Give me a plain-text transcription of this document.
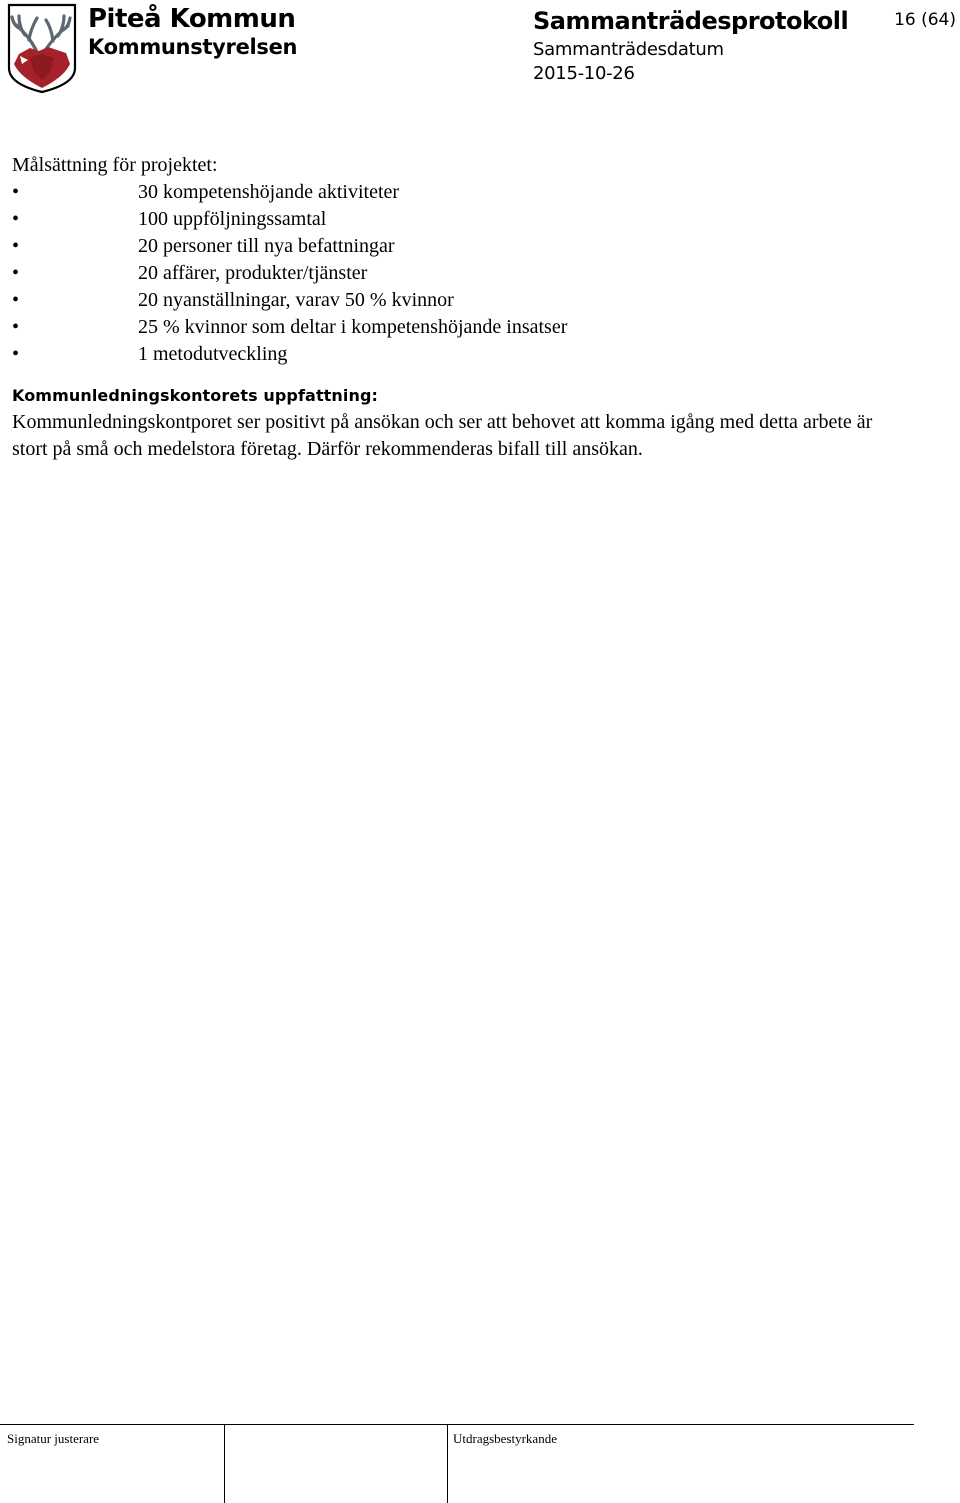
Piteå Kommun
Kommunstyrelsen
Sammanträdesprotokoll
Sammanträdesdatum
2015-10-26
16 (64)

Målsättning för projektet:

•	30 kompetenshöjande aktiviteter
•	100 uppföljningssamtal
•	20 personer till nya befattningar
•	20 affärer, produkter/tjänster
•	20 nyanställningar, varav 50 % kvinnor
•	25 % kvinnor som deltar i kompetenshöjande insatser
•	1 metodutveckling
Kommunledningskontorets uppfattning:

Kommunledningskontporet ser positivt på ansökan och ser att behovet att komma igång med detta arbete är stort på små och medelstora företag. Därför rekommenderas bifall till ansökan.

Signatur justerare	Utdragsbestyrkande
